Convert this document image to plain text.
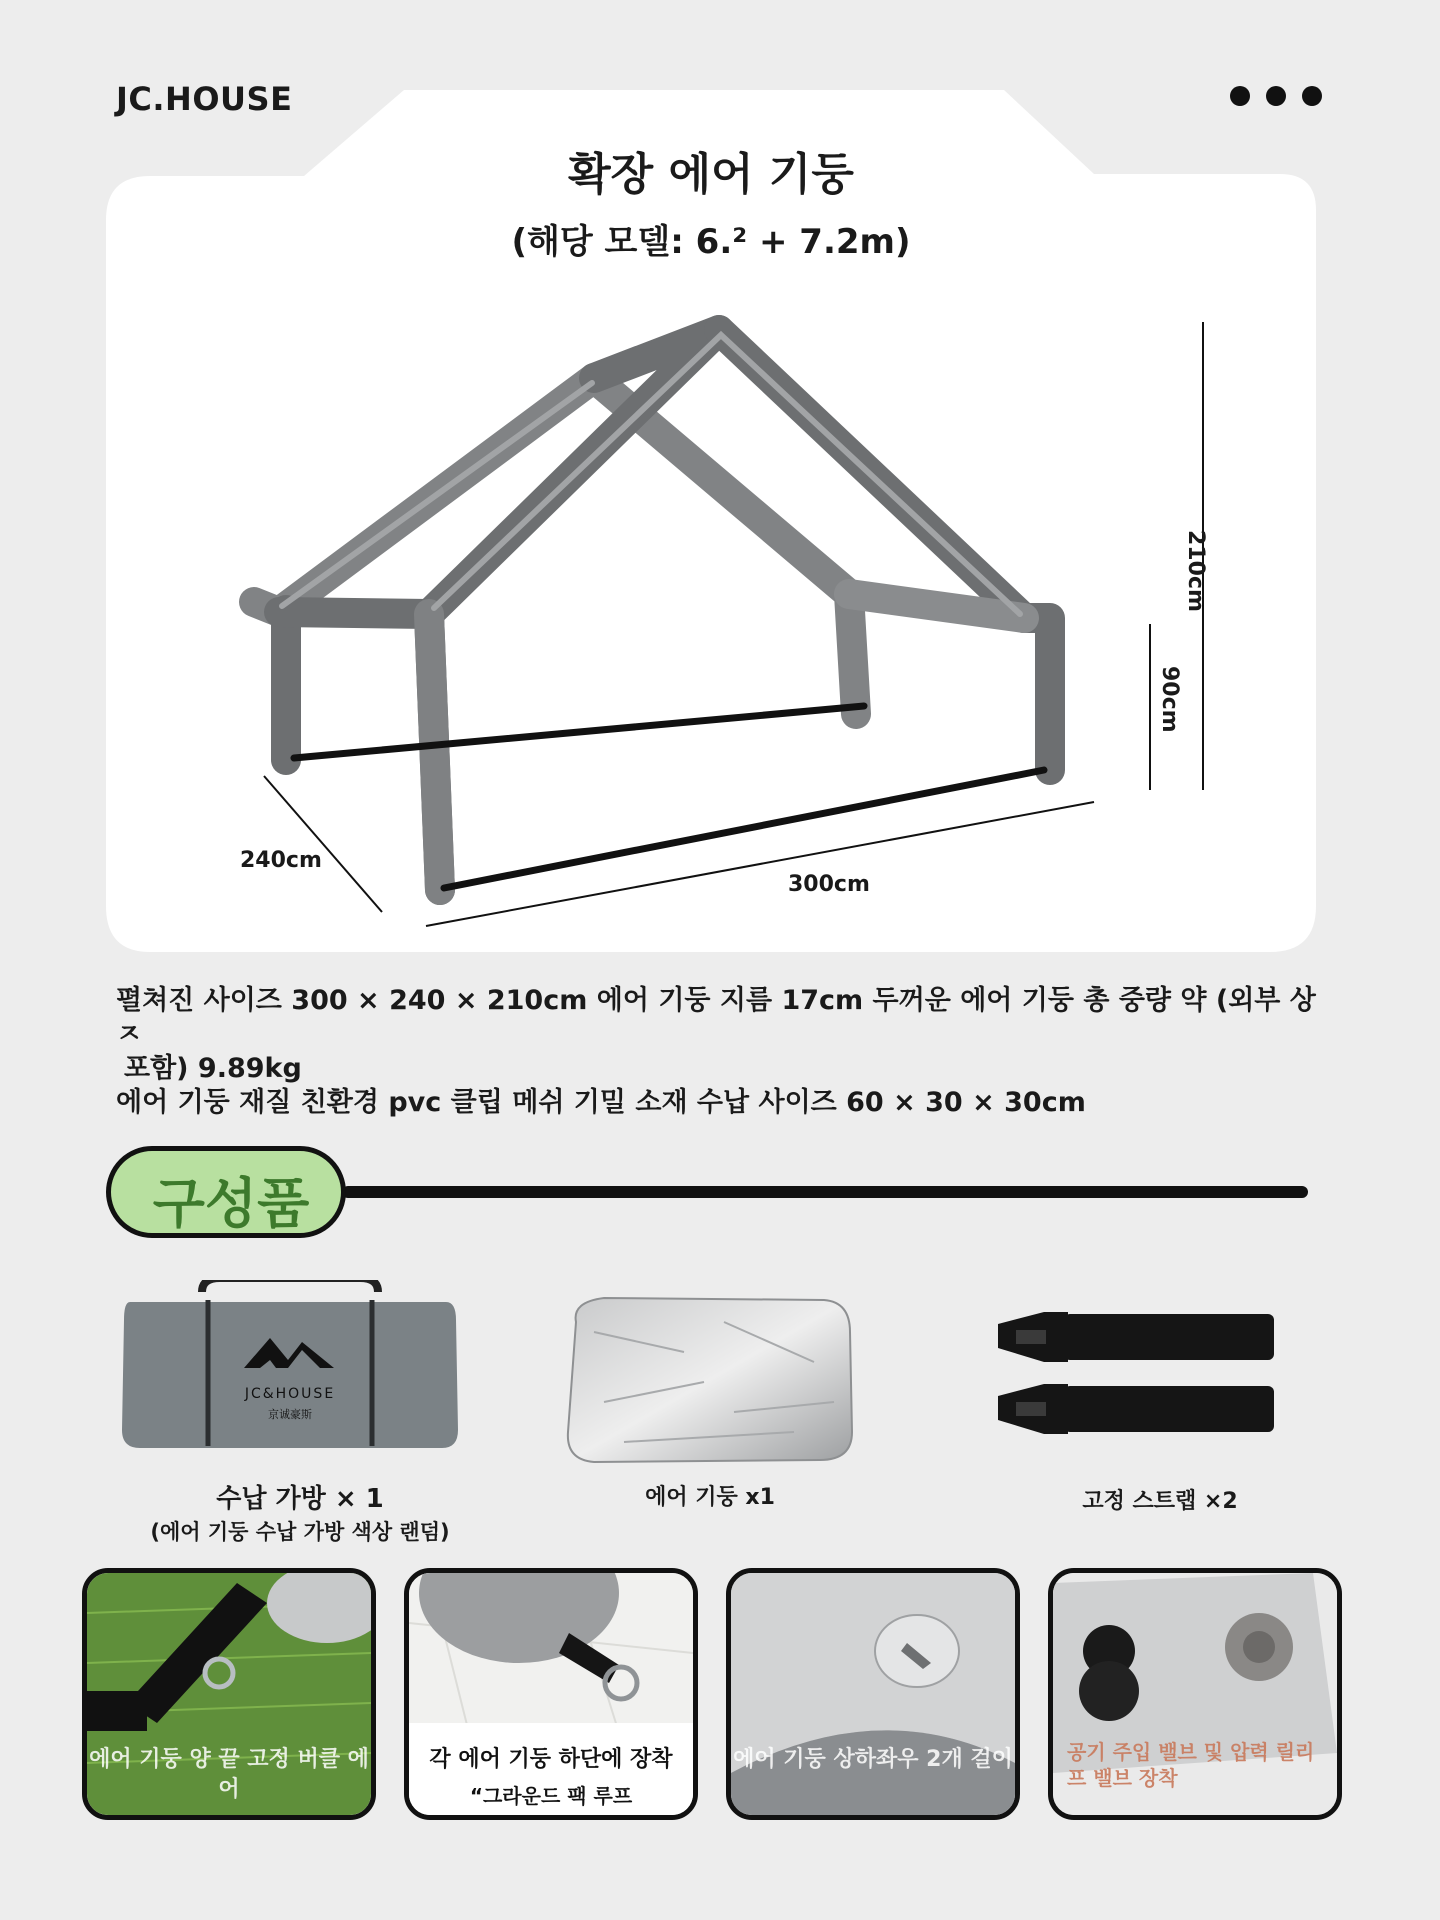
JC.HOUSE
확장 에어 기둥
(해당 모델: 6.² + 7.2m)
210cm
90cm
240cm
300cm
펼쳐진 사이즈 300 × 240 × 210cm 에어 기둥 지름 17cm 두꺼운 에어 기둥 총 중량 약 (외부 상ㅈ
포함) 9.89kg
에어 기둥 재질 친환경 pvc 클립 메쉬 기밀 소재 수납 사이즈 60 × 30 × 30cm
구성품
JC&HOUSE
京诚豪斯
수납 가방 × 1
(에어 기둥 수납 가방 색상 랜덤)
에어 기둥 x1	고정 스트랩 ×2
에어 기둥 양 끝 고정 버클 에어
각 에어 기둥 하단에 장착
“그라운드 팩 루프
에어 기둥 상하좌우 2개 걸이	공기 주입 밸브 및 압력 릴리프 밸브 장착
